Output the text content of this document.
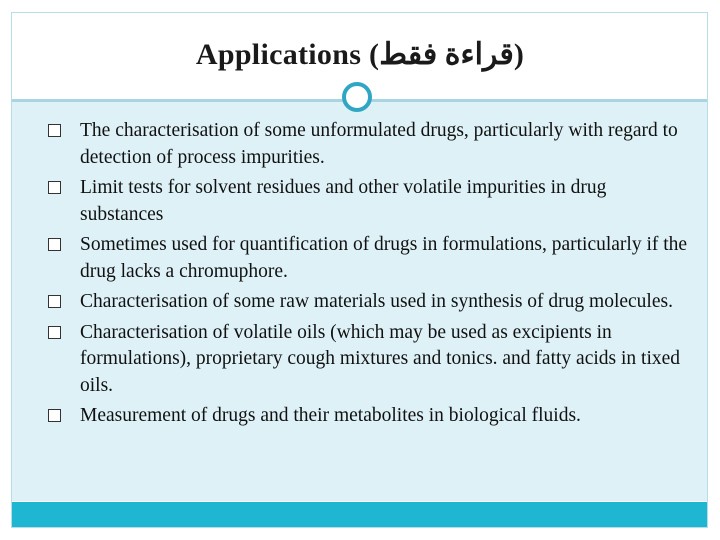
Applications (قراءة فقط)
The characterisation of some unformulated drugs, particularly with regard to detection of process impurities.
Limit tests for solvent residues and other volatile impurities in drug substances
Sometimes used for quantification of drugs in formulations, particularly if the drug lacks a chromuphore.
Characterisation of some raw materials used in synthesis of drug molecules.
Characterisation of volatile oils (which may be used as excipients in formulations), proprietary cough mixtures and tonics. and fatty acids in tixed oils.
Measurement of drugs and their metabolites in biological fluids.
